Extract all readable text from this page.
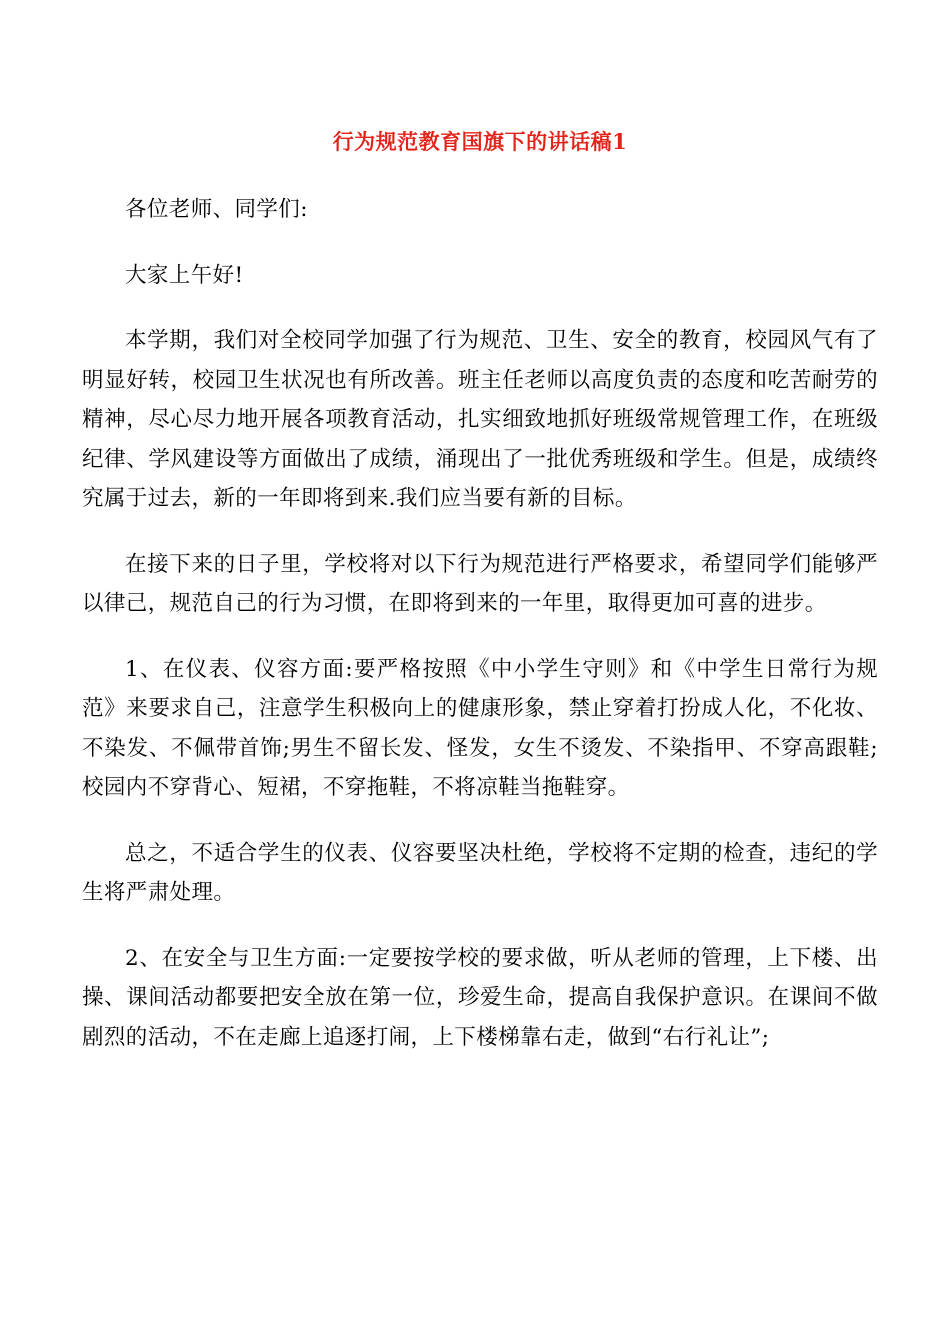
行为规范教育国旗下的讲话稿1

各位老师、同学们:

大家上午好!

本学期，我们对全校同学加强了行为规范、卫生、安全的教育，校园风气有了明显好转，校园卫生状况也有所改善。班主任老师以高度负责的态度和吃苦耐劳的精神，尽心尽力地开展各项教育活动，扎实细致地抓好班级常规管理工作，在班级纪律、学风建设等方面做出了成绩，涌现出了一批优秀班级和学生。但是，成绩终究属于过去，新的一年即将到来.我们应当要有新的目标。

在接下来的日子里，学校将对以下行为规范进行严格要求，希望同学们能够严以律己，规范自己的行为习惯，在即将到来的一年里，取得更加可喜的进步。

1、在仪表、仪容方面:要严格按照《中小学生守则》和《中学生日常行为规范》来要求自己，注意学生积极向上的健康形象，禁止穿着打扮成人化，不化妆、不染发、不佩带首饰;男生不留长发、怪发，女生不烫发、不染指甲、不穿高跟鞋;校园内不穿背心、短裙，不穿拖鞋，不将凉鞋当拖鞋穿。

总之，不适合学生的仪表、仪容要坚决杜绝，学校将不定期的检查，违纪的学生将严肃处理。

2、在安全与卫生方面:一定要按学校的要求做，听从老师的管理，上下楼、出操、课间活动都要把安全放在第一位，珍爱生命，提高自我保护意识。在课间不做剧烈的活动，不在走廊上追逐打闹，上下楼梯靠右走，做到“右行礼让”;
